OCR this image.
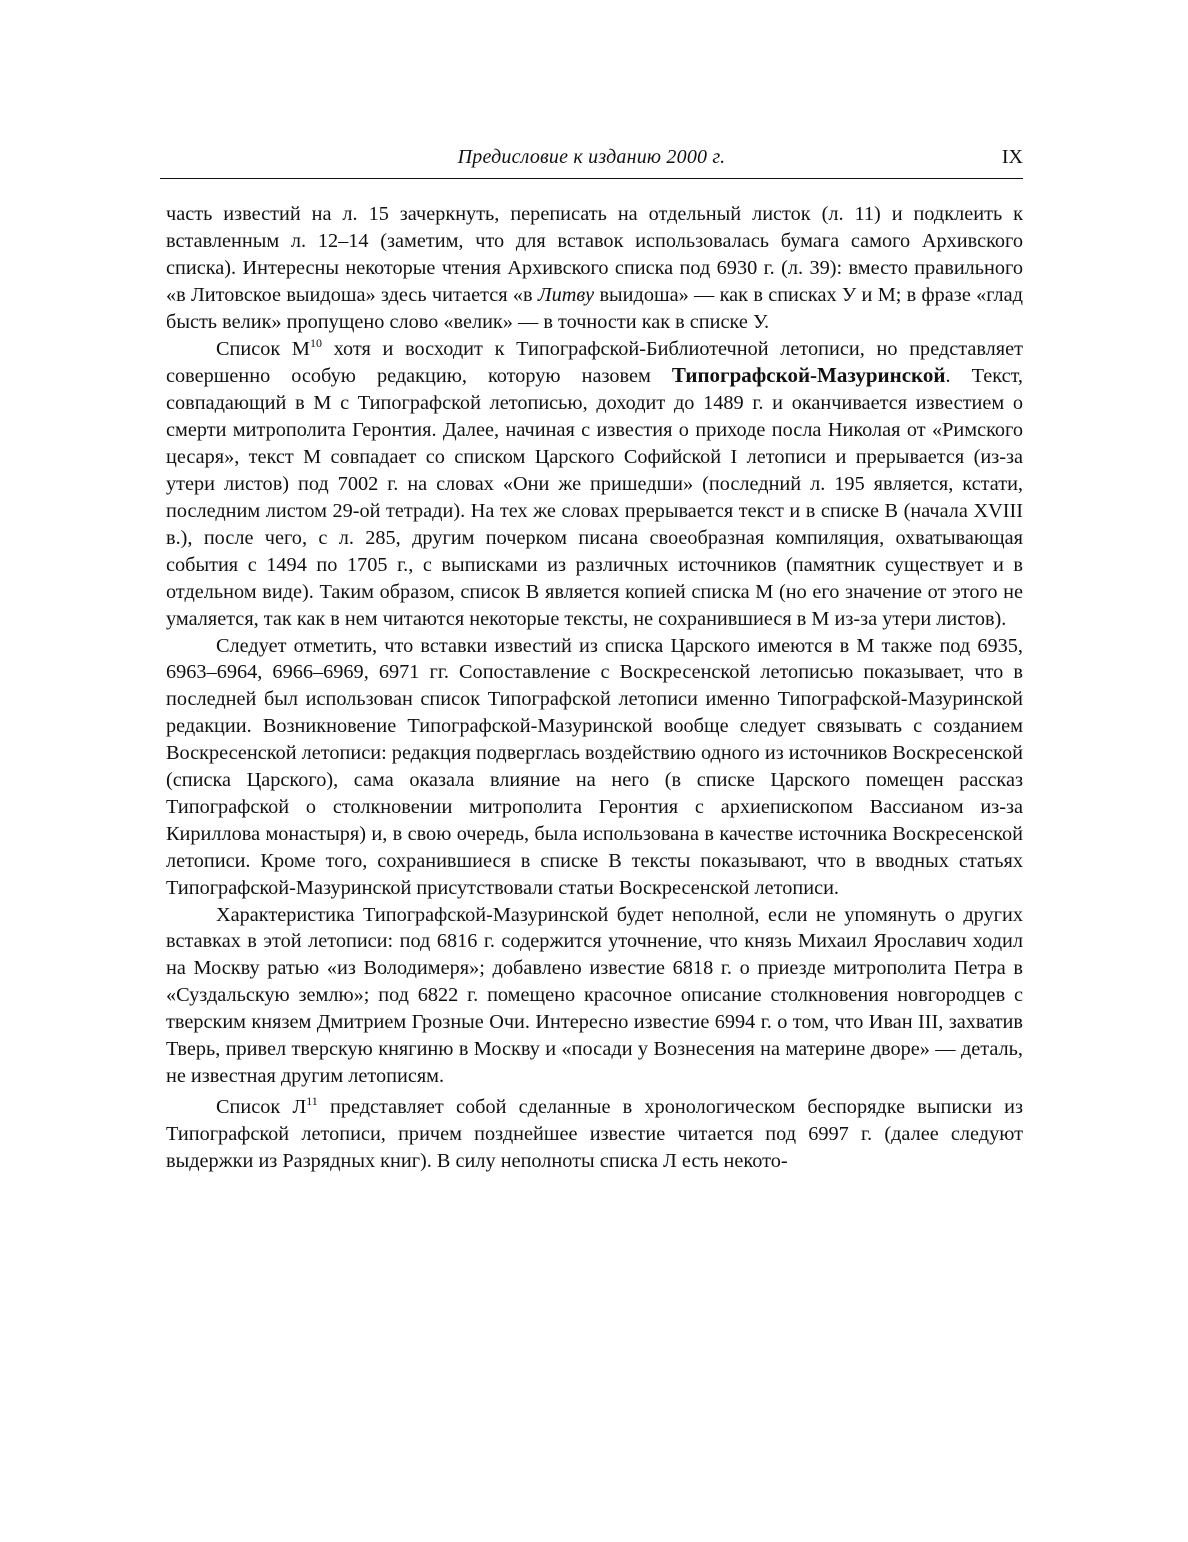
Предисловие к изданию 2000 г.	IX

часть известий на л. 15 зачеркнуть, переписать на отдельный листок (л. 11) и подклеить к вставленным л. 12–14 (заметим, что для вставок использовалась бумага самого Архивского списка). Интересны некоторые чтения Архивского списка под 6930 г. (л. 39): вместо правильного «в Литовское выидоша» здесь читается «в Литву выидоша» — как в списках У и М; в фразе «глад бысть велик» пропущено слово «велик» — в точности как в списке У.

Список $М^{10}$ хотя и восходит к Типографской-Библиотечной летописи, но представляет совершенно особую редакцию, которую назовем Типографской-Мазуринской. Текст, совпадающий в М с Типографской летописью, доходит до 1489 г. и оканчивается известием о смерти митрополита Геронтия. Далее, начиная с известия о приходе посла Николая от «Римского цесаря», текст М совпадает со списком Царского Софийской I летописи и прерывается (из-за утери листов) под 7002 г. на словах «Они же пришедши» (последний л. 195 является, кстати, последним листом 29-ой тетради). На тех же словах прерывается текст и в списке В (начала XVIII в.), после чего, с л. 285, другим почерком писана своеобразная компиляция, охватывающая события с 1494 по 1705 г., с выписками из различных источников (памятник существует и в отдельном виде). Таким образом, список В является копией списка М (но его значение от этого не умаляется, так как в нем читаются некоторые тексты, не сохранившиеся в М из-за утери листов).

Следует отметить, что вставки известий из списка Царского имеются в М также под 6935, 6963–6964, 6966–6969, 6971 гг. Сопоставление с Воскресенской летописью показывает, что в последней был использован список Типографской летописи именно Типографской-Мазуринской редакции. Возникновение Типографской-Мазуринской вообще следует связывать с созданием Воскресенской летописи: редакция подверглась воздействию одного из источников Воскресенской (списка Царского), сама оказала влияние на него (в списке Царского помещен рассказ Типографской о столкновении митрополита Геронтия с архиепископом Вассианом из-за Кириллова монастыря) и, в свою очередь, была использована в качестве источника Воскресенской летописи. Кроме того, сохранившиеся в списке В тексты показывают, что в вводных статьях Типографской-Мазуринской присутствовали статьи Воскресенской летописи.

Характеристика Типографской-Мазуринской будет неполной, если не упомянуть о других вставках в этой летописи: под 6816 г. содержится уточнение, что князь Михаил Ярославич ходил на Москву ратью «из Володимеря»; добавлено известие 6818 г. о приезде митрополита Петра в «Суздальскую землю»; под 6822 г. помещено красочное описание столкновения новгородцев с тверским князем Дмитрием Грозные Очи. Интересно известие 6994 г. о том, что Иван III, захватив Тверь, привел тверскую княгиню в Москву и «посади у Вознесения на материне дворе» — деталь, не известная другим летописям.

Список $Л^{11}$ представляет собой сделанные в хронологическом беспорядке выписки из Типографской летописи, причем позднейшее известие читается под 6997 г. (далее следуют выдержки из Разрядных книг). В силу неполноты списка Л есть некото-
